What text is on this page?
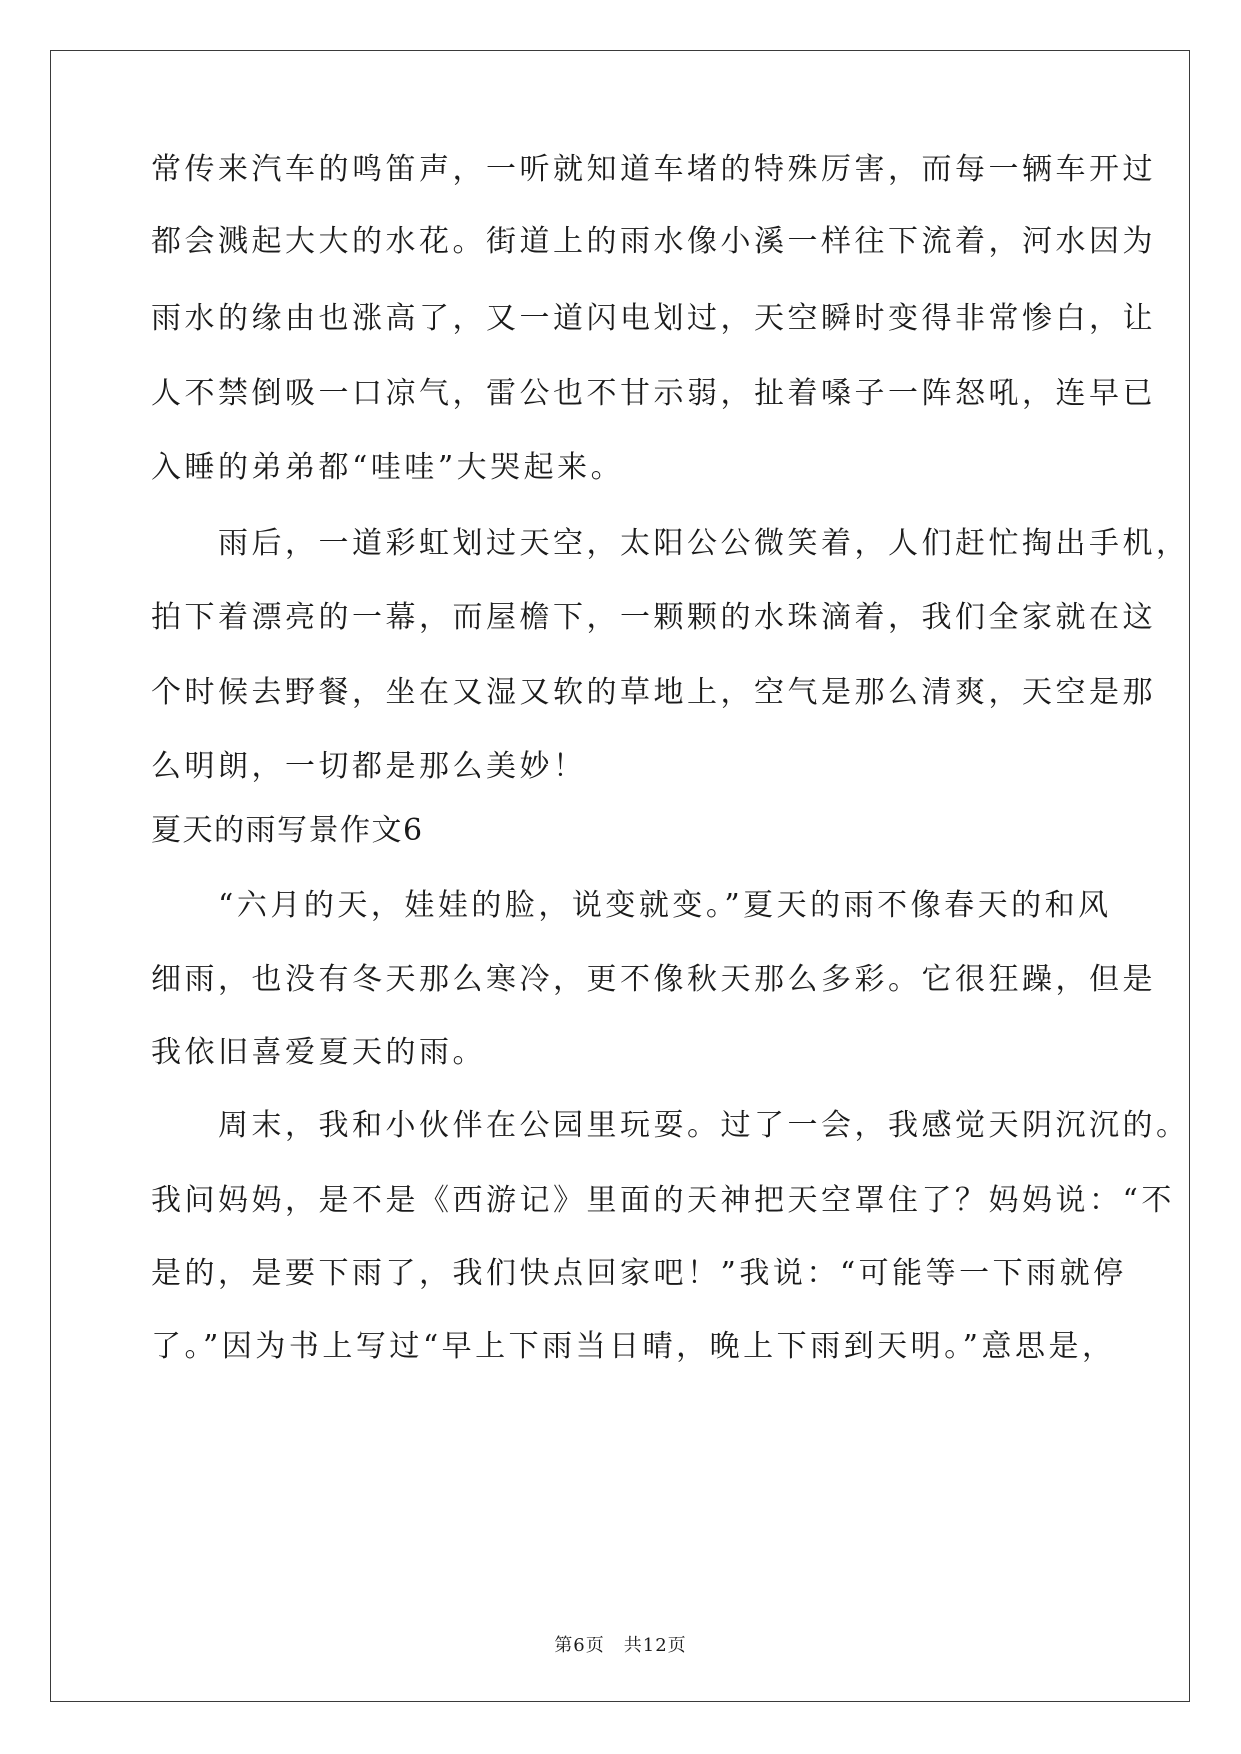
常传来汽车的鸣笛声，一听就知道车堵的特殊厉害，而每一辆车开过
都会溅起大大的水花。街道上的雨水像小溪一样往下流着，河水因为
雨水的缘由也涨高了，又一道闪电划过，天空瞬时变得非常惨白，让
人不禁倒吸一口凉气，雷公也不甘示弱，扯着嗓子一阵怒吼，连早已
入睡的弟弟都“哇哇”大哭起来。
　　雨后，一道彩虹划过天空，太阳公公微笑着，人们赶忙掏出手机，
拍下着漂亮的一幕，而屋檐下，一颗颗的水珠滴着，我们全家就在这
个时候去野餐，坐在又湿又软的草地上，空气是那么清爽，天空是那
么明朗，一切都是那么美妙！
夏天的雨写景作文6
　　“六月的天，娃娃的脸，说变就变。”夏天的雨不像春天的和风
细雨，也没有冬天那么寒冷，更不像秋天那么多彩。它很狂躁，但是
我依旧喜爱夏天的雨。
　　周末，我和小伙伴在公园里玩耍。过了一会，我感觉天阴沉沉的。
我问妈妈，是不是《西游记》里面的天神把天空罩住了？妈妈说：“不
是的，是要下雨了，我们快点回家吧！”我说：“可能等一下雨就停
了。”因为书上写过“早上下雨当日晴，晚上下雨到天明。”意思是，
第6页　共12页
